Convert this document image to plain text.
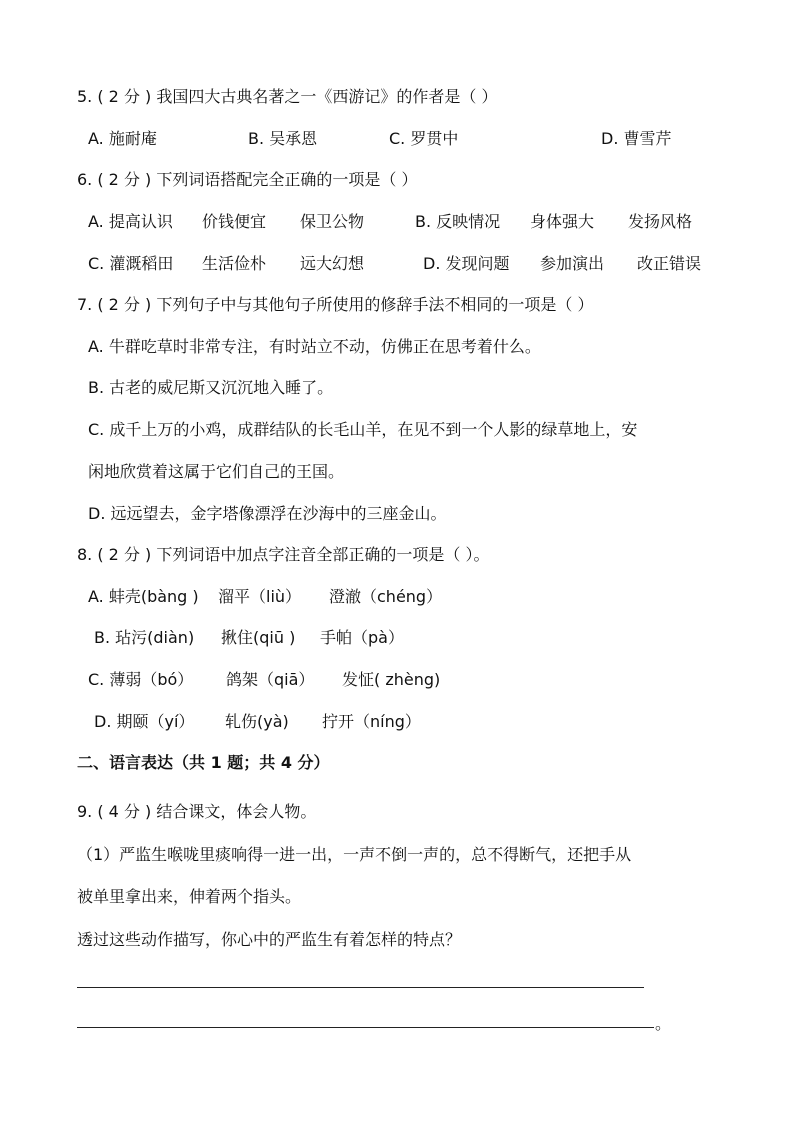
5. ( 2 分 ) 我国四大古典名著之一《西游记》的作者是（ ）
A. 施耐庵	B. 吴承恩	C. 罗贯中	D. 曹雪芹
6. ( 2 分 ) 下列词语搭配完全正确的一项是（ ）
A. 提高认识 价钱便宜 保卫公物	B. 反映情况 身体强大 发扬风格
C. 灌溉稻田 生活俭朴 远大幻想	D. 发现问题 参加演出 改正错误
7. ( 2 分 ) 下列句子中与其他句子所使用的修辞手法不相同的一项是（ ）
A. 牛群吃草时非常专注，有时站立不动，仿佛正在思考着什么。
B. 古老的威尼斯又沉沉地入睡了。
C. 成千上万的小鸡，成群结队的长毛山羊，在见不到一个人影的绿草地上，安
闲地欣赏着这属于它们自己的王国。
D. 远远望去，金字塔像漂浮在沙海中的三座金山。
8. ( 2 分 ) 下列词语中加点字注音全部正确的一项是（ ）。
A. 蚌壳(bàng ) 溜平（liù） 澄澈（chéng）
B. 玷污(diàn) 揪住(qiū ) 手帕（pà）
C. 薄弱（bó） 鸽架（qiā） 发怔( zhèng)
D. 期颐（yí） 轧伤(yà) 拧开（níng）
二、语言表达（共 1 题；共 4 分）
9. ( 4 分 ) 结合课文，体会人物。
（1）严监生喉咙里痰响得一进一出，一声不倒一声的，总不得断气，还把手从
被单里拿出来，伸着两个指头。
透过这些动作描写，你心中的严监生有着怎样的特点？
。
